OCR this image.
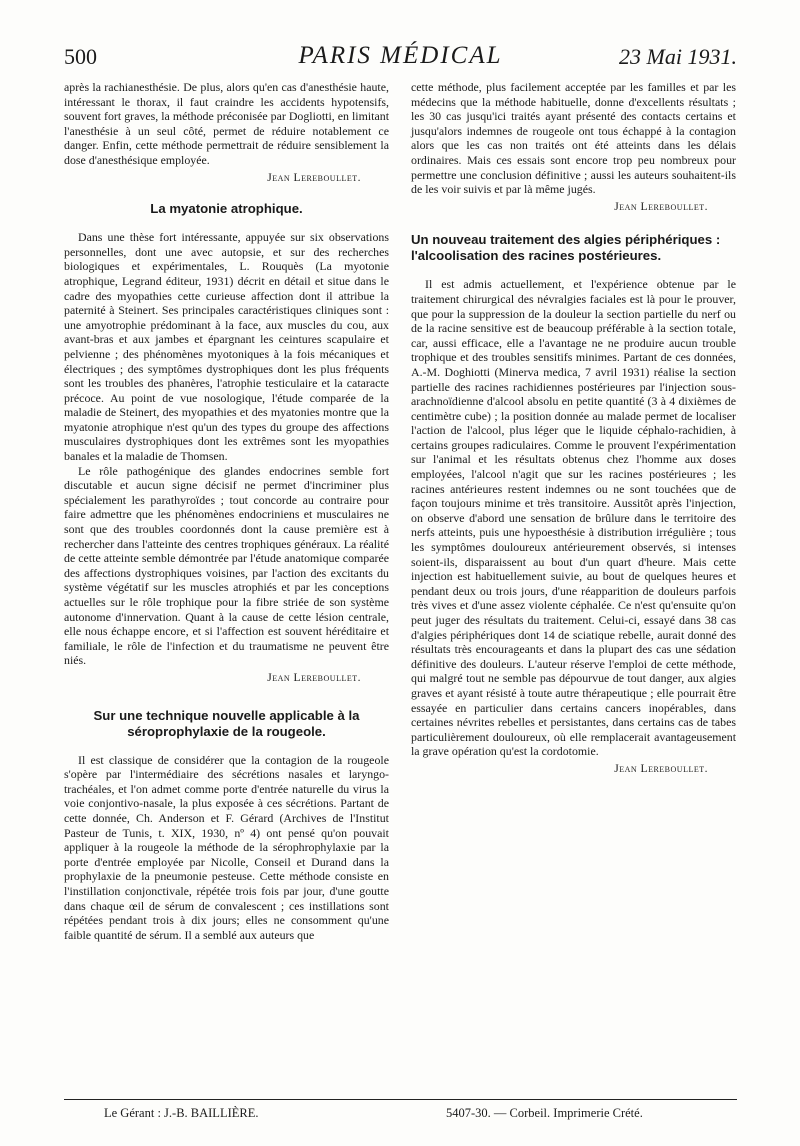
500	PARIS MÉDICAL	23 Mai 1931.

après la rachianesthésie. De plus, alors qu'en cas d'anesthésie haute, intéressant le thorax, il faut craindre les accidents hypotensifs, souvent fort graves, la méthode préconisée par Dogliotti, en limitant l'anesthésie à un seul côté, permet de réduire notablement ce danger. Enfin, cette méthode permettrait de réduire sensiblement la dose d'anesthésique employée.

Jean Lereboullet.
La myatonie atrophique.

Dans une thèse fort intéressante, appuyée sur six observations personnelles, dont une avec autopsie, et sur des recherches biologiques et expérimentales, L. Rouquès (La myotonie atrophique, Legrand éditeur, 1931) décrit en détail et situe dans le cadre des myopathies cette curieuse affection dont il attribue la paternité à Steinert. Ses principales caractéristiques cliniques sont : une amyotrophie prédominant à la face, aux muscles du cou, aux avant-bras et aux jambes et épargnant les ceintures scapulaire et pelvienne ; des phénomènes myotoniques à la fois mécaniques et électriques ; des symptômes dystrophiques dont les plus fréquents sont les troubles des phanères, l'atrophie testiculaire et la cataracte précoce. Au point de vue nosologique, l'étude comparée de la maladie de Steinert, des myopathies et des myatonies montre que la myatonie atrophique n'est qu'un des types du groupe des affections musculaires dystrophiques dont les extrêmes sont les myopathies banales et la maladie de Thomsen.

Le rôle pathogénique des glandes endocrines semble fort discutable et aucun signe décisif ne permet d'incriminer plus spécialement les parathyroïdes ; tout concorde au contraire pour faire admettre que les phénomènes endocriniens et musculaires ne sont que des troubles coordonnés dont la cause première est à rechercher dans l'atteinte des centres trophiques généraux. La réalité de cette atteinte semble démontrée par l'étude anatomique comparée des affections dystrophiques voisines, par l'action des excitants du système végétatif sur les muscles atrophiés et par les conceptions actuelles sur le rôle trophique pour la fibre striée de son système autonome d'innervation. Quant à la cause de cette lésion centrale, elle nous échappe encore, et si l'affection est souvent héréditaire et familiale, le rôle de l'infection et du traumatisme ne peuvent être niés.

Jean Lereboullet.
Sur une technique nouvelle applicable à la séroprophylaxie de la rougeole.

Il est classique de considérer que la contagion de la rougeole s'opère par l'intermédiaire des sécrétions nasales et laryngo-trachéales, et l'on admet comme porte d'entrée naturelle du virus la voie conjontivo-nasale, la plus exposée à ces sécrétions. Partant de cette donnée, Ch. Anderson et F. Gérard (Archives de l'Institut Pasteur de Tunis, t. XIX, 1930, nº 4) ont pensé qu'on pouvait appliquer à la rougeole la méthode de la sérophrophylaxie par la porte d'entrée employée par Nicolle, Conseil et Durand dans la prophylaxie de la pneumonie pesteuse. Cette méthode consiste en l'instillation conjonctivale, répétée trois fois par jour, d'une goutte dans chaque œil de sérum de convalescent ; ces instillations sont répétées pendant trois à dix jours; elles ne consomment qu'une faible quantité de sérum. Il a semblé aux auteurs que

cette méthode, plus facilement acceptée par les familles et par les médecins que la méthode habituelle, donne d'excellents résultats ; les 30 cas jusqu'ici traités ayant présenté des contacts certains et jusqu'alors indemnes de rougeole ont tous échappé à la contagion alors que les cas non traités ont été atteints dans les délais ordinaires. Mais ces essais sont encore trop peu nombreux pour permettre une conclusion définitive ; aussi les auteurs souhaitent-ils de les voir suivis et par là même jugés.

Jean Lereboullet.
Un nouveau traitement des algies périphériques : l'alcoolisation des racines postérieures.

Il est admis actuellement, et l'expérience obtenue par le traitement chirurgical des névralgies faciales est là pour le prouver, que pour la suppression de la douleur la section partielle du nerf ou de la racine sensitive est de beaucoup préférable à la section totale, car, aussi efficace, elle a l'avantage ne ne produire aucun trouble trophique et des troubles sensitifs minimes. Partant de ces données, A.-M. Doghiotti (Minerva medica, 7 avril 1931) réalise la section partielle des racines rachidiennes postérieures par l'injection sous-arachnoïdienne d'alcool absolu en petite quantité (3 à 4 dixièmes de centimètre cube) ; la position donnée au malade permet de localiser l'action de l'alcool, plus léger que le liquide céphalo-rachidien, à certains groupes radiculaires. Comme le prouvent l'expérimentation sur l'animal et les résultats obtenus chez l'homme aux doses employées, l'alcool n'agit que sur les racines postérieures ; les racines antérieures restent indemnes ou ne sont touchées que de façon toujours minime et très transitoire. Aussitôt après l'injection, on observe d'abord une sensation de brûlure dans le territoire des nerfs atteints, puis une hypoesthésie à distribution irrégulière ; tous les symptômes douloureux antérieurement observés, si intenses soient-ils, disparaissent au bout d'un quart d'heure. Mais cette injection est habituellement suivie, au bout de quelques heures et pendant deux ou trois jours, d'une réapparition de douleurs parfois très vives et d'une assez violente céphalée. Ce n'est qu'ensuite qu'on peut juger des résultats du traitement. Celui-ci, essayé dans 38 cas d'algies périphériques dont 14 de sciatique rebelle, aurait donné des résultats très encourageants et dans la plupart des cas une sédation définitive des douleurs. L'auteur réserve l'emploi de cette méthode, qui malgré tout ne semble pas dépourvue de tout danger, aux algies graves et ayant résisté à toute autre thérapeutique ; elle pourrait être essayée en particulier dans certains cancers inopérables, dans certaines névrites rebelles et persistantes, dans certains cas de tabes particulièrement douloureux, où elle remplacerait avantageusement la grave opération qu'est la cordotomie.

Jean Lereboullet.
Le Gérant : J.-B. BAILLIÈRE.	5407-30. — Corbeil. Imprimerie Crété.
